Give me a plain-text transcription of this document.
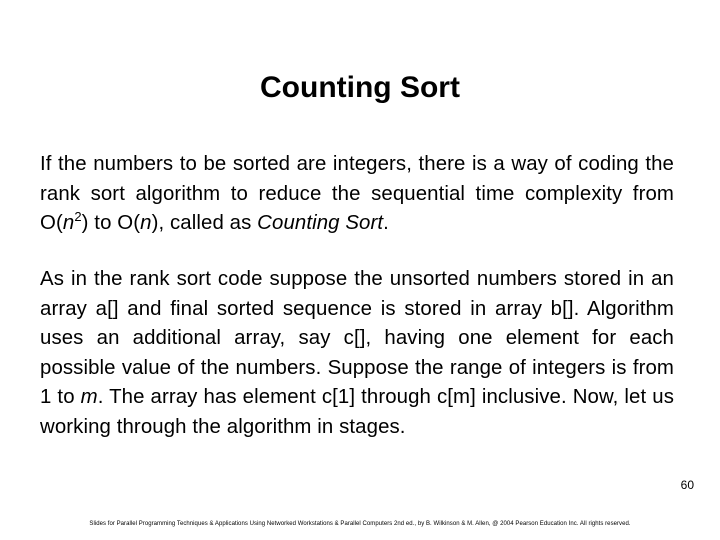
Counting Sort

If the numbers to be sorted are integers, there is a way of coding the rank sort algorithm to reduce the sequential time complexity from $O(n^2)$ to O(n), called as Counting Sort.

As in the rank sort code suppose the unsorted numbers stored in an array a[] and final sorted sequence is stored in array b[]. Algorithm uses an additional array, say c[], having one element for each possible value of the numbers. Suppose the range of integers is from 1 to m. The array has element c[1] through c[m] inclusive. Now, let us working through the algorithm in stages.

60
Slides for Parallel Programming Techniques & Applications Using Networked Workstations & Parallel Computers 2nd ed., by B. Wilkinson & M. Allen, @ 2004 Pearson Education Inc. All rights reserved.
